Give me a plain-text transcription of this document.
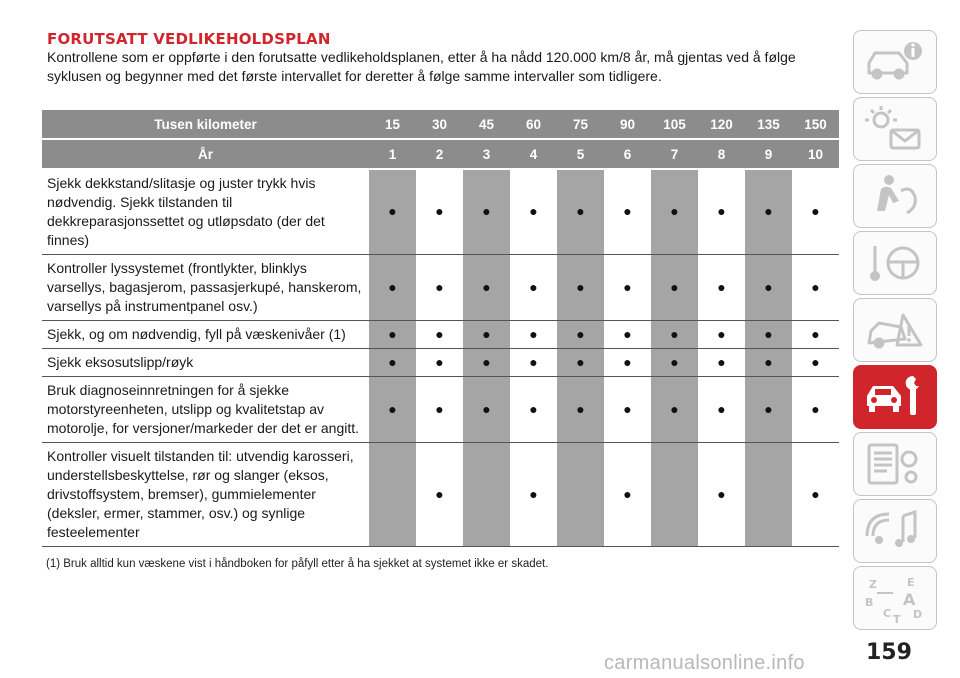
FORUTSATT VEDLIKEHOLDSPLAN

Kontrollene som er oppførte i den forutsatte vedlikeholdsplanen, etter å ha nådd 120.000 km/8 år, må gjentas ved å følge syklusen og begynner med det første intervallet for deretter å følge samme intervaller som tidligere.

Tusen kilometer	15	30	45	60	75	90	105	120	135	150
År	1	2	3	4	5	6	7	8	9	10
Sjekk dekkstand/slitasje og juster trykk hvis nødvendig. Sjekk tilstanden til dekkreparasjonssettet og utløpsdato (der det finnes)	●	●	●	●	●	●	●	●	●	●
Kontroller lyssystemet (frontlykter, blinklys varsellys, bagasjerom, passasjerkupé, hanskerom, varsellys på instrumentpanel osv.)	●	●	●	●	●	●	●	●	●	●
Sjekk, og om nødvendig, fyll på væskenivåer (1)	●	●	●	●	●	●	●	●	●	●
Sjekk eksosutslipp/røyk	●	●	●	●	●	●	●	●	●	●
Bruk diagnoseinnretningen for å sjekke motorstyreenheten, utslipp og kvalitetstap av motorolje, for versjoner/markeder der det er angitt.	●	●	●	●	●	●	●	●	●	●
Kontroller visuelt tilstanden til: utvendig karosseri, understellsbeskyttelse, rør og slanger (eksos, drivstoffsystem, bremser), gummielementer (deksler, ermer, stammer, osv.) og synlige festeelementer		●		●		●		●		●

(1) Bruk alltid kun væskene vist i håndboken for påfyll etter å ha sjekket at systemet ikke er skadet.

Z	E
B A
C D
T

159

carmanualsonline.info
